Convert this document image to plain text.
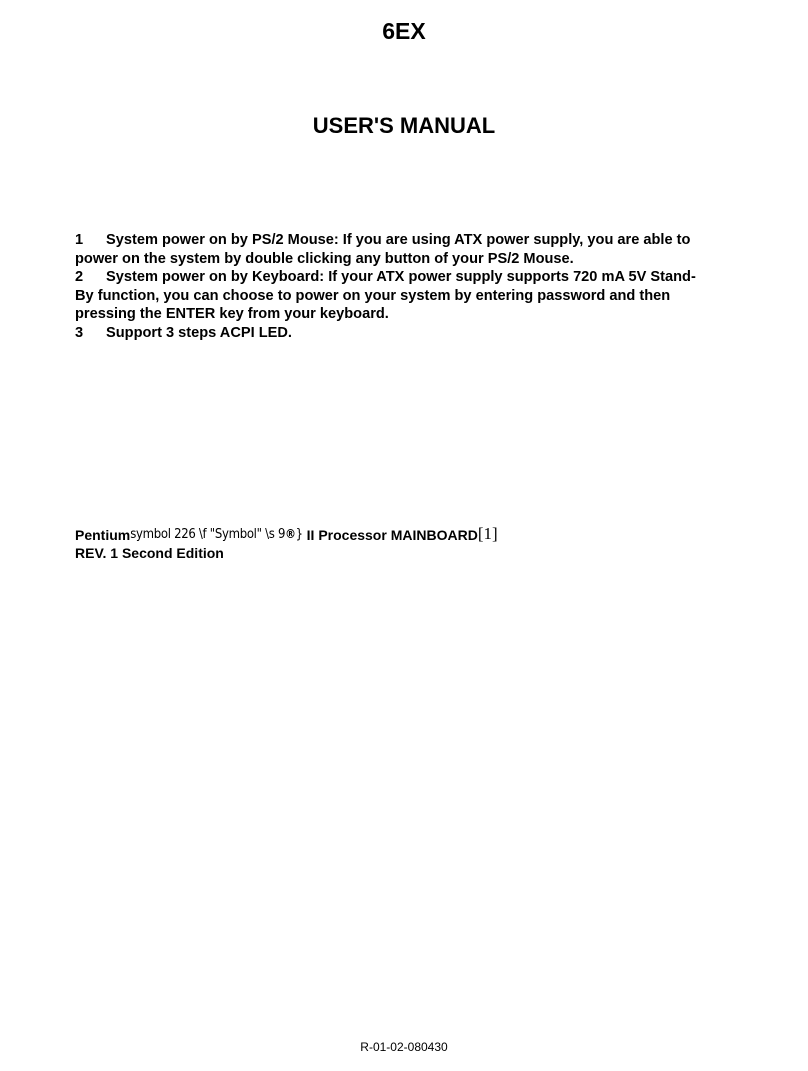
6EX
USER'S MANUAL
1 System power on by PS/2 Mouse: If you are using ATX power supply, you are able to
power on the system by double clicking any button of your PS/2 Mouse.
2 System power on by Keyboard: If your ATX power supply supports 720 mA 5V Stand-
By function, you can choose to power on your system by entering password and then
pressing the ENTER key from your keyboard.
3 Support 3 steps ACPI LED.
Pentiumsymbol 226 \f "Symbol" \s 9®} II Processor MAINBOARD[1]
REV. 1 Second Edition
R-01-02-080430
